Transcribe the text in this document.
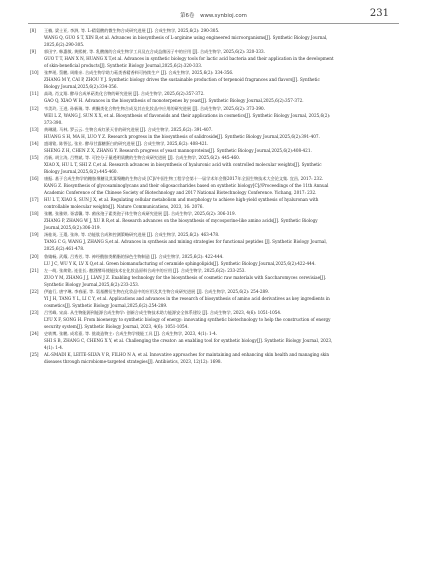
第6卷 www.synbioj.com	231
[8] 王楠, 梁士亚, 李泗, 等. L-精氨酸的微生物合成研究进展 [J]. 合成生物学, 2025,6(2): 290-305.
WANG Q, GUO S T, XIN B,et al. Advances in biosynthesis of L-arginine using engineered microorganisms[J]. Synthetic Biology Journal,
2025,6(2):290-305.
[9] 郭田宇, 韩惠敏, 黄熙树, 等. 乳酸菌的合成生物学工具及在合成益菌因子中的应用 [J]. 合成生物学, 2025,6(2): 320-333.
GUO T T, HAN X N, HUANG X T,et al. Advances in synthetic biology tools for lactic acid bacteria and their application in the development
of skin-beneficial products[J]. Synthetic Biology Journal,2025,6(2):320-333.
[10] 张梦瑶, 蔡鹏, 周维亲. 合成生物学助力萜类香精香料可持续生产 [J]. 合成生物学, 2025,6(2): 334-356.
ZHANG M Y, CAI P, ZHOU Y J. Synthetic biology drives the sustainable production of terpenoid fragrances and flavors[J]. Synthetic
Biology Journal,2025,6(2):334-356.
[11] 高琦, 肖文翔. 酵母合成单萜类化合物的研究进展 [J]. 合成生物学, 2025,6(2):357-372.
GAO Q, XIAO W H. Advances in the biosynthesis of monoterpenes by yeast[J]. Synthetic Biology Journal,2025,6(2):357-372.
[12] 韦美玲, 王进, 孙新瑞, 等. 黄酮类化合物生物合成及其在化妆品中应用的研究进展 [J]. 合成生物学, 2025,6(2): 373-390.
WEI L Z, WANG J, SUN X X, et al. Biosynthesis of flavonoids and their applications in cosmetics[J]. Synthetic Biology Journal, 2025,6(2):
373-390.
[13] 黄琳涵, 马林, 罗云云. 生物合成红景天苷的研究进展 [J]. 合成生物学, 2025,6(2): 391-407.
HUANG S H, MA H, LUO Y Z. Research progress in the biosynthesis of salidroside[J]. Synthetic Biology Journal,2025,6(2):391-407.
[14] 盛翊铭, 陈智弘, 张业. 酵母甘露糖蛋白的研究进展 [J]. 合成生物学, 2025,6(2): 408-421.
SHENG Z H, CHEN Z X, ZHANG Y. Research progress of yeast mannoproteins[J]. Synthetic Biology Journal,2025,6(2):408-421.
[15] 肖新, 胡立涛, 吕赞斌, 等. 可控分子量透明质酸的生物合成研究进展 [J]. 合成生物学, 2025,6(2): 445-460.
XIAO X, HU L T, SHI Z C,et al. Research advances in biosynthesis of hyaluronic acid with controlled molecular weights[J]. Synthetic
Biology Journal,2025,6(2):445-460.
[16] 康振. 基于合成生物学的糖胺聚糖及其寡聚糖的生物合成 [C]//中国生物工程学会第十一届学术年会暨2017年全国生物技术大会论文集. 宜昌, 2017: 232.
KANG Z. Biosynthesis of glycosaminoglycans and their oligosaccharides based on synthetic biology[C]//Proceedings of the 11th Annual
Academic Conference of the Chinese Society of Biotechnology and 2017 National Biotechnology Conference. Yichang, 2017: 232.
[17] HU L T, XIAO S, SUN J X, et al. Regulating cellular metabolism and morphology to achieve high-yield synthesis of hyaluronan with
controllable molecular weights[J]. Nature Communications, 2023, 16: 2076.
[18] 张鹏, 张雅婷, 胥睿馨, 等. 菌丝孢子素类孢子体生物合成研究进展 [J]. 合成生物学, 2025,6(2): 306-319.
ZHANG P, ZHANG W J, XU R R,et al. Research advances on the biosynthesis of mycosporine-like amino acids[J]. Synthetic Biology
Journal,2025,6(2):306-319.
[19] 汤桂英, 王璟, 张炜, 等. 功能肽合成和控测策略研究进展 [J]. 合成生物学, 2025,6(2): 463-478.
TANG C G, WANG J, ZHANG S,et al. Advances in synthesis and mining strategies for functional peptides [J]. Synthetic Biology Journal,
2025,6(2):461-478.
[20] 鲁婧畅, 武耀, 吕秀芳, 等. 神经酰胺类鞘脂的绿色生物制造 [J]. 合成生物学, 2025,6(2): 422-444.
LU J C, WU Y K, LV X Q,et al. Green biomanufacturing of ceramide sphingolipids[J]. Synthetic Biology Journal,2025,6(2):422-444.
[21] 左一萌, 张焕铭, 连佳长. 酿酒酵母使能技术在化妆品原料合成中的应用 [J]. 合成生物学, 2025,6(2): 233-253.
ZUO Y M, ZHANG J J, LIAN J Z. Enabling technology for the biosynthesis of cosmetic raw materials with Saccharomyces cerevisiae[J].
Synthetic Biology Journal,2025,6(2):233-253.
[22] 伊迪行, 唐宇琳, 李春丽, 等. 氨基酸衍生物在化妆品中的应用及其生物合成研究进展 [J]. 合成生物学, 2025,6(2): 254-289.
YI J H, TANG Y L, LI C Y, et al. Applications and advances in the research of biosynthesis of amino acid derivatives as key ingredients in
cosmetics[J]. Synthetic Biology Journal,2025,6(2):254-289.
[23] 吕雪峰, 宋高. 从生物能源到能源合成生物学: 创新合成生物技术助力能源安全体系建设 [J]. 合成生物学, 2023, 4(6): 1051-1054.
LYU X F, SONG H. From bioenergy to synthetic biology of energy: innovating synthetic biotechnology to help the construction of energy
security system[J]. Synthetic Biology Journal, 2023, 4(6): 1051-1054.
[24] 史轶博, 张鹏, 成希嘉, 等. 挑战造物主: 合成生物学使能工具 [J]. 合成生物学, 2023, 4(1): 1-4.
SHI S B, ZHANG C, CHENG X Y, et al. Challenging the creator: an enabling tool for synthetic biology[J]. Synthetic Biology Journal, 2023,
4(1): 1-4.
[25] AL-SMADI K, LEITE-SILVA V R, FILHO N A, et al. Innovative approaches for maintaining and enhancing skin health and managing skin
diseases through microbiome-targeted strategies[J]. Antibiotics, 2023, 12(12): 1698.
